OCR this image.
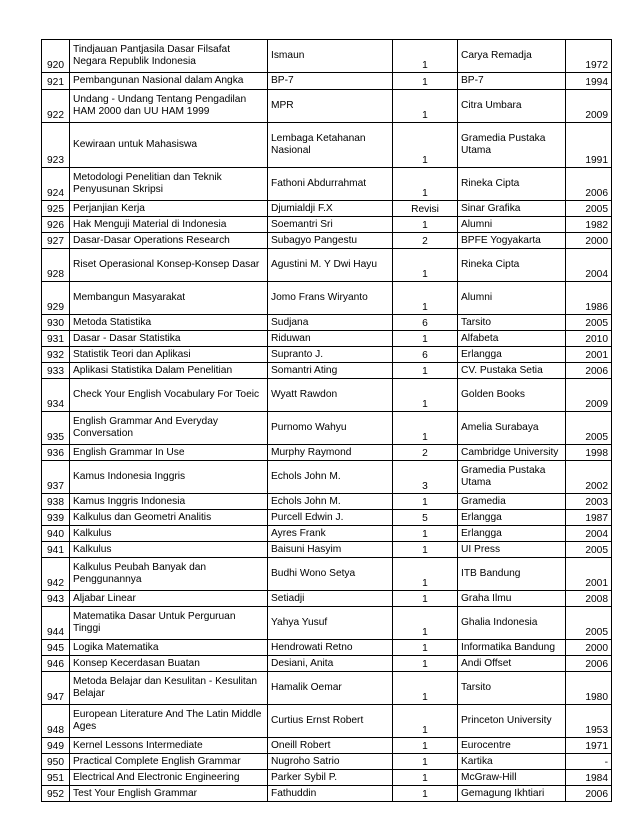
920	Tindjauan Pantjasila Dasar Filsafat Negara Republik Indonesia	Ismaun	1	Carya Remadja	1972
921	Pembangunan Nasional dalam Angka	BP-7	1	BP-7	1994
922	Undang - Undang Tentang Pengadilan HAM 2000 dan UU HAM 1999	MPR	1	Citra Umbara	2009
923	Kewiraan untuk Mahasiswa	Lembaga Ketahanan Nasional	1	Gramedia Pustaka Utama	1991
924	Metodologi Penelitian dan Teknik Penyusunan Skripsi	Fathoni Abdurrahmat	1	Rineka Cipta	2006
925	Perjanjian Kerja	Djumialdji F.X	Revisi	Sinar Grafika	2005
926	Hak Menguji Material di Indonesia	Soemantri Sri	1	Alumni	1982
927	Dasar-Dasar Operations Research	Subagyo Pangestu	2	BPFE Yogyakarta	2000
928	Riset Operasional Konsep-Konsep Dasar	Agustini M. Y Dwi Hayu	1	Rineka Cipta	2004
929	Membangun Masyarakat	Jomo Frans Wiryanto	1	Alumni	1986
930	Metoda Statistika	Sudjana	6	Tarsito	2005
931	Dasar - Dasar Statistika	Riduwan	1	Alfabeta	2010
932	Statistik Teori dan Aplikasi	Supranto J.	6	Erlangga	2001
933	Aplikasi Statistika Dalam Penelitian	Somantri Ating	1	CV. Pustaka Setia	2006
934	Check Your English Vocabulary For Toeic	Wyatt Rawdon	1	Golden Books	2009
935	English Grammar And Everyday Conversation	Purnomo Wahyu	1	Amelia Surabaya	2005
936	English Grammar In Use	Murphy Raymond	2	Cambridge University	1998
937	Kamus Indonesia Inggris	Echols John M.	3	Gramedia Pustaka Utama	2002
938	Kamus Inggris Indonesia	Echols John M.	1	Gramedia	2003
939	Kalkulus dan Geometri Analitis	Purcell Edwin J.	5	Erlangga	1987
940	Kalkulus	Ayres Frank	1	Erlangga	2004
941	Kalkulus	Baisuni Hasyim	1	UI Press	2005
942	Kalkulus Peubah Banyak dan Penggunannya	Budhi Wono Setya	1	ITB Bandung	2001
943	Aljabar Linear	Setiadji	1	Graha Ilmu	2008
944	Matematika Dasar Untuk Perguruan Tinggi	Yahya Yusuf	1	Ghalia Indonesia	2005
945	Logika Matematika	Hendrowati Retno	1	Informatika Bandung	2000
946	Konsep Kecerdasan Buatan	Desiani, Anita	1	Andi Offset	2006
947	Metoda Belajar dan Kesulitan - Kesulitan Belajar	Hamalik Oemar	1	Tarsito	1980
948	European Literature And The Latin Middle Ages	Curtius Ernst Robert	1	Princeton University	1953
949	Kernel Lessons Intermediate	Oneill Robert	1	Eurocentre	1971
950	Practical Complete English Grammar	Nugroho Satrio	1	Kartika	-
951	Electrical And Electronic Engineering	Parker Sybil P.	1	McGraw-Hill	1984
952	Test Your English Grammar	Fathuddin	1	Gemagung Ikhtiari	2006
